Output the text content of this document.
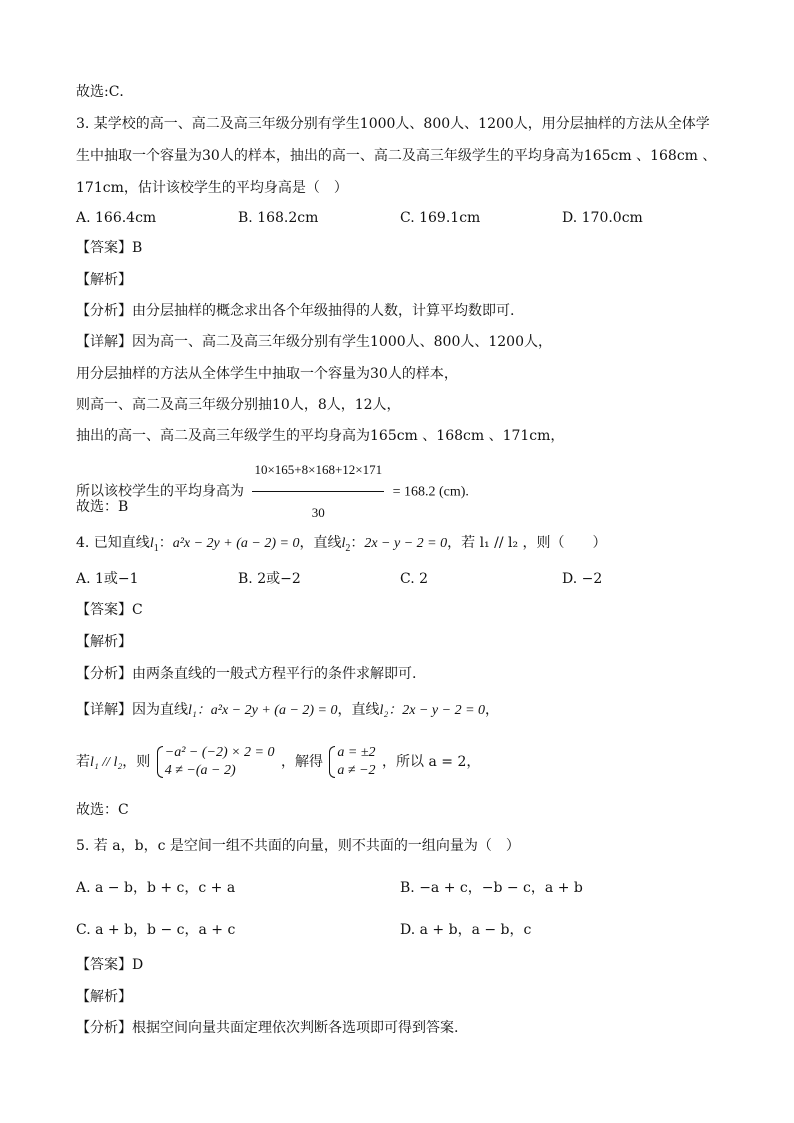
故选:C．
3. 某学校的高一、高二及高三年级分别有学生1000人、800人、1200人，用分层抽样的方法从全体学
生中抽取一个容量为30人的样本，抽出的高一、高二及高三年级学生的平均身高为165cm 、168cm 、
171cm，估计该校学生的平均身高是（　）
A. 166.4cm	B. 168.2cm	C. 169.1cm	D. 170.0cm
【答案】B
【解析】
【分析】由分层抽样的概念求出各个年级抽得的人数，计算平均数即可.
【详解】因为高一、高二及高三年级分别有学生1000人、800人、1200人，
用分层抽样的方法从全体学生中抽取一个容量为30人的样本，
则高一、高二及高三年级分别抽10人，8人，12人，
抽出的高一、高二及高三年级学生的平均身高为165cm 、168cm 、171cm，
所以该校学生的平均身高为 $\frac{10\times 165+8\times 168+12\times 171}{30} = 168.2$ (cm).
故选：B
4. 已知直线$l_1$：a²x − 2y + (a − 2) = 0，直线$l_2$：2x − y − 2 = 0，若 l₁ // l₂ ，则（　　）
A. 1或−1	B. 2或−2	C. 2	D. −2
【答案】C
【解析】
【分析】由两条直线的一般式方程平行的条件求解即可.
【详解】因为直线l₁：a²x − 2y + (a − 2) = 0，直线l₂：2x − y − 2 = 0，
若l₁ // l₂，则
−a² − (−2) × 2 = 0
4 ≠ −(a − 2)
，解得
a = ±2
a ≠ −2
，所以 a = 2，
故选：C
5. 若 a，b，c 是空间一组不共面的向量，则不共面的一组向量为（　）
A. a − b，b + c，c + a	B. −a + c，−b − c，a + b
C. a + b，b − c，a + c	D. a + b，a − b，c
【答案】D
【解析】
【分析】根据空间向量共面定理依次判断各选项即可得到答案.
